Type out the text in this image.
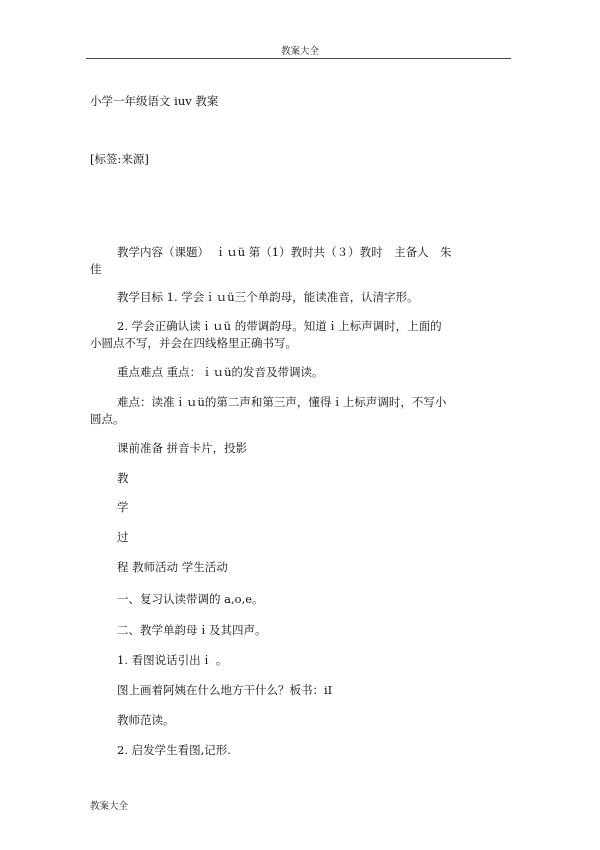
教案大全
小学一年级语文 iuv 教案
[标签:来源]
教学内容（课题）　ｉｕü 第（1）教时共（３）教时　主备人　朱
佳
教学目标 1. 学会ｉｕü三个单韵母，能读准音，认清字形。
2. 学会正确认读ｉｕü 的带调韵母。知道ｉ上标声调时，上面的
小圆点不写，并会在四线格里正确书写。
重点难点 重点：ｉｕü的发音及带调读。
难点：读准ｉｕü的第二声和第三声，懂得ｉ上标声调时，不写小
圆点。
课前准备 拼音卡片，投影
教
学
过
程 教师活动 学生活动
一、复习认读带调的 a,o,e。
二、教学单韵母ｉ及其四声。
1. 看图说话引出ｉ 。
图上画着阿姨在什么地方干什么？板书：iI
教师范读。
2. 启发学生看图,记形.
教案大全
